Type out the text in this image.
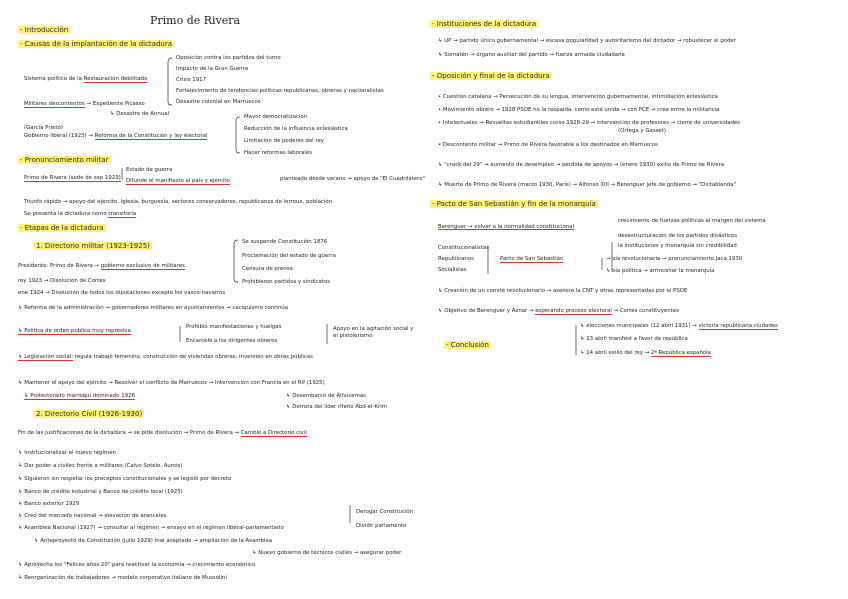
Primo de Rivera
- Introducción
- Causas de la implantación de la dictadura
Sistema político de la Restauración debilitado
Oposición contra los partidos del turno
Impacto de la Gran Guerra
Crisis 1917
Fortalecimiento de tendencias políticas republicanas, obreras y nacionalistas
Desastre colonial en Marruecos
Militares descontentos → Expediente Picasso
↳ Desastre de Annual
(García Prieto)
Gobierno liberal (1923) → Reforma de la Constitución y ley electoral
Mayor democratización
Reducción de la influencia eclesiástica
Limitación de poderes del rey
Hacer reformas laborales
- Pronunciamiento militar
Primo de Rivera (sede de sep 1923)
Estado de guerra
Difunde el manifiesto al país y ejército	planteado desde verano → apoyo de "El Cuadrilátero"
Triunfo rápido → apoyo del ejército, iglesia, burguesía, sectores conservadores, republicanos de lerroux, población.
Se presenta la dictadura como transitoria
- Etapas de la dictadura
1. Directorio militar (1923-1925)
Presidente: Primo de Rivera → gobierno exclusivo de militares
Se suspende Constitución 1876
Proclamación del estado de guerra
Censura de prensa
Prohibieron partidos y sindicatos
rey 1923 → Disolución de Cortes
ene 1924 → Disolución de todos los diputaciones excepto los vasco-navarros
↳ Reforma de la administración → gobernadores militares en ayuntamientos → caciquismo continúa
↳ Política de orden público muy represiva
Prohibió manifestaciones y huelgas
Encarceló a los dirigentes obreros
Apoyo en la agitación social y el pistolerismo
↳ Legislación social: regula trabajo femenino, construcción de viviendas obreras, inversión en obras públicas
↳ Mantener el apoyo del ejército → Resolver el conflicto de Marruecos → Intervención con Francia en el Rif (1925)
↳ Protectorado marroquí dominado 1926	↳ Desembarco de Alhucemas
↳ Derrota del líder rifeño Abd-el-Krim
2. Directorio Civil (1926-1930)
Fin de las justificaciones de la dictadura → se pide disolución → Primo de Rivera → Cambio a Directorio civil
↳ Institucionalizar el nuevo régimen
↳ Dar poder a civiles frente a militares (Calvo Sotelo, Aunós)
↳ Siguieron sin respetar los preceptos constitucionales y se legisló por decreto
↳ Banco de crédito industrial y Banco de crédito local (1925)
↳ Banco exterior 1929
↳ Creó del mercado nacional → elevación de aranceles
↳ Asamblea Nacional (1927) → consultar al régimen → ensayo en el régimen liberal-parlamentario
↳ Anteproyecto de Constitución (julio 1929) mal aceptado → ampliación de la Asamblea
↳ Nuevo gobierno de técnicos civiles → asegurar poder
↳ Aprovecha los "Felices años 20" para reactivar la economía → crecimiento económico
↳ Reorganización de trabajadores → modelo corporativo italiano de Mussolini
Derogar Constitución
Dividir parlamento
- Instituciones de la dictadura
↳ UP → partido único gubernamental → escasa popularidad y autoritarismo del dictador → robustecer el poder
↳ Somatén → órgano auxiliar del partido → fuerza armada ciudadana
- Oposición y final de la dictadura
• Cuestión catalana → Persecución de su lengua, intervención gubernamental, intimidación eclesiástica
• Movimiento obrero → 1928 PSOE no la respalda, como está unida → con PCE → crea entre la militancia
• Intelectuales → Revueltas estudiantiles curso 1928-29 → intervención de profesores → cierre de universidades
(Ortega y Gasset)
• Descontento militar → Primo de Rivera favorable a los destinados en Marruecos
↳ "crack del 29" → aumento de desempleo → pérdida de apoyos → (enero 1930) exilio de Primo de Rivera
↳ Muerte de Primo de Rivera (marzo 1930, París) → Alfonso XIII → Berenguer jefe de gobierno → "Dictablanda"
- Pacto de San Sebastián y fin de la monarquía
Berenguer → volver a la normalidad constitucional
crecimiento de fuerzas políticas al margen del sistema
desestructuración de los partidos dinásticos
la instituciones y monarquía sin credibilidad
Constitucionalistas
Republicanos
Socialistas
Pacto de San Sebastián	→ vía revolucionaria → pronunciamiento Jaca 1930
↳ vía política → arrinconar la monarquía
↳ Creación de un comité revolucionario → asesora la CNT y otras representadas por el PSOE
↳ Objetivo de Berenguer y Aznar → esperando proceso electoral → Cortes constituyentes
↳ elecciones municipales (12 abril 1931) → victoria republicana ciudades
↳ 13 abril manifest a favor de república
↳ 14 abril exilio del rey → 2ª República española
- Conclusión
